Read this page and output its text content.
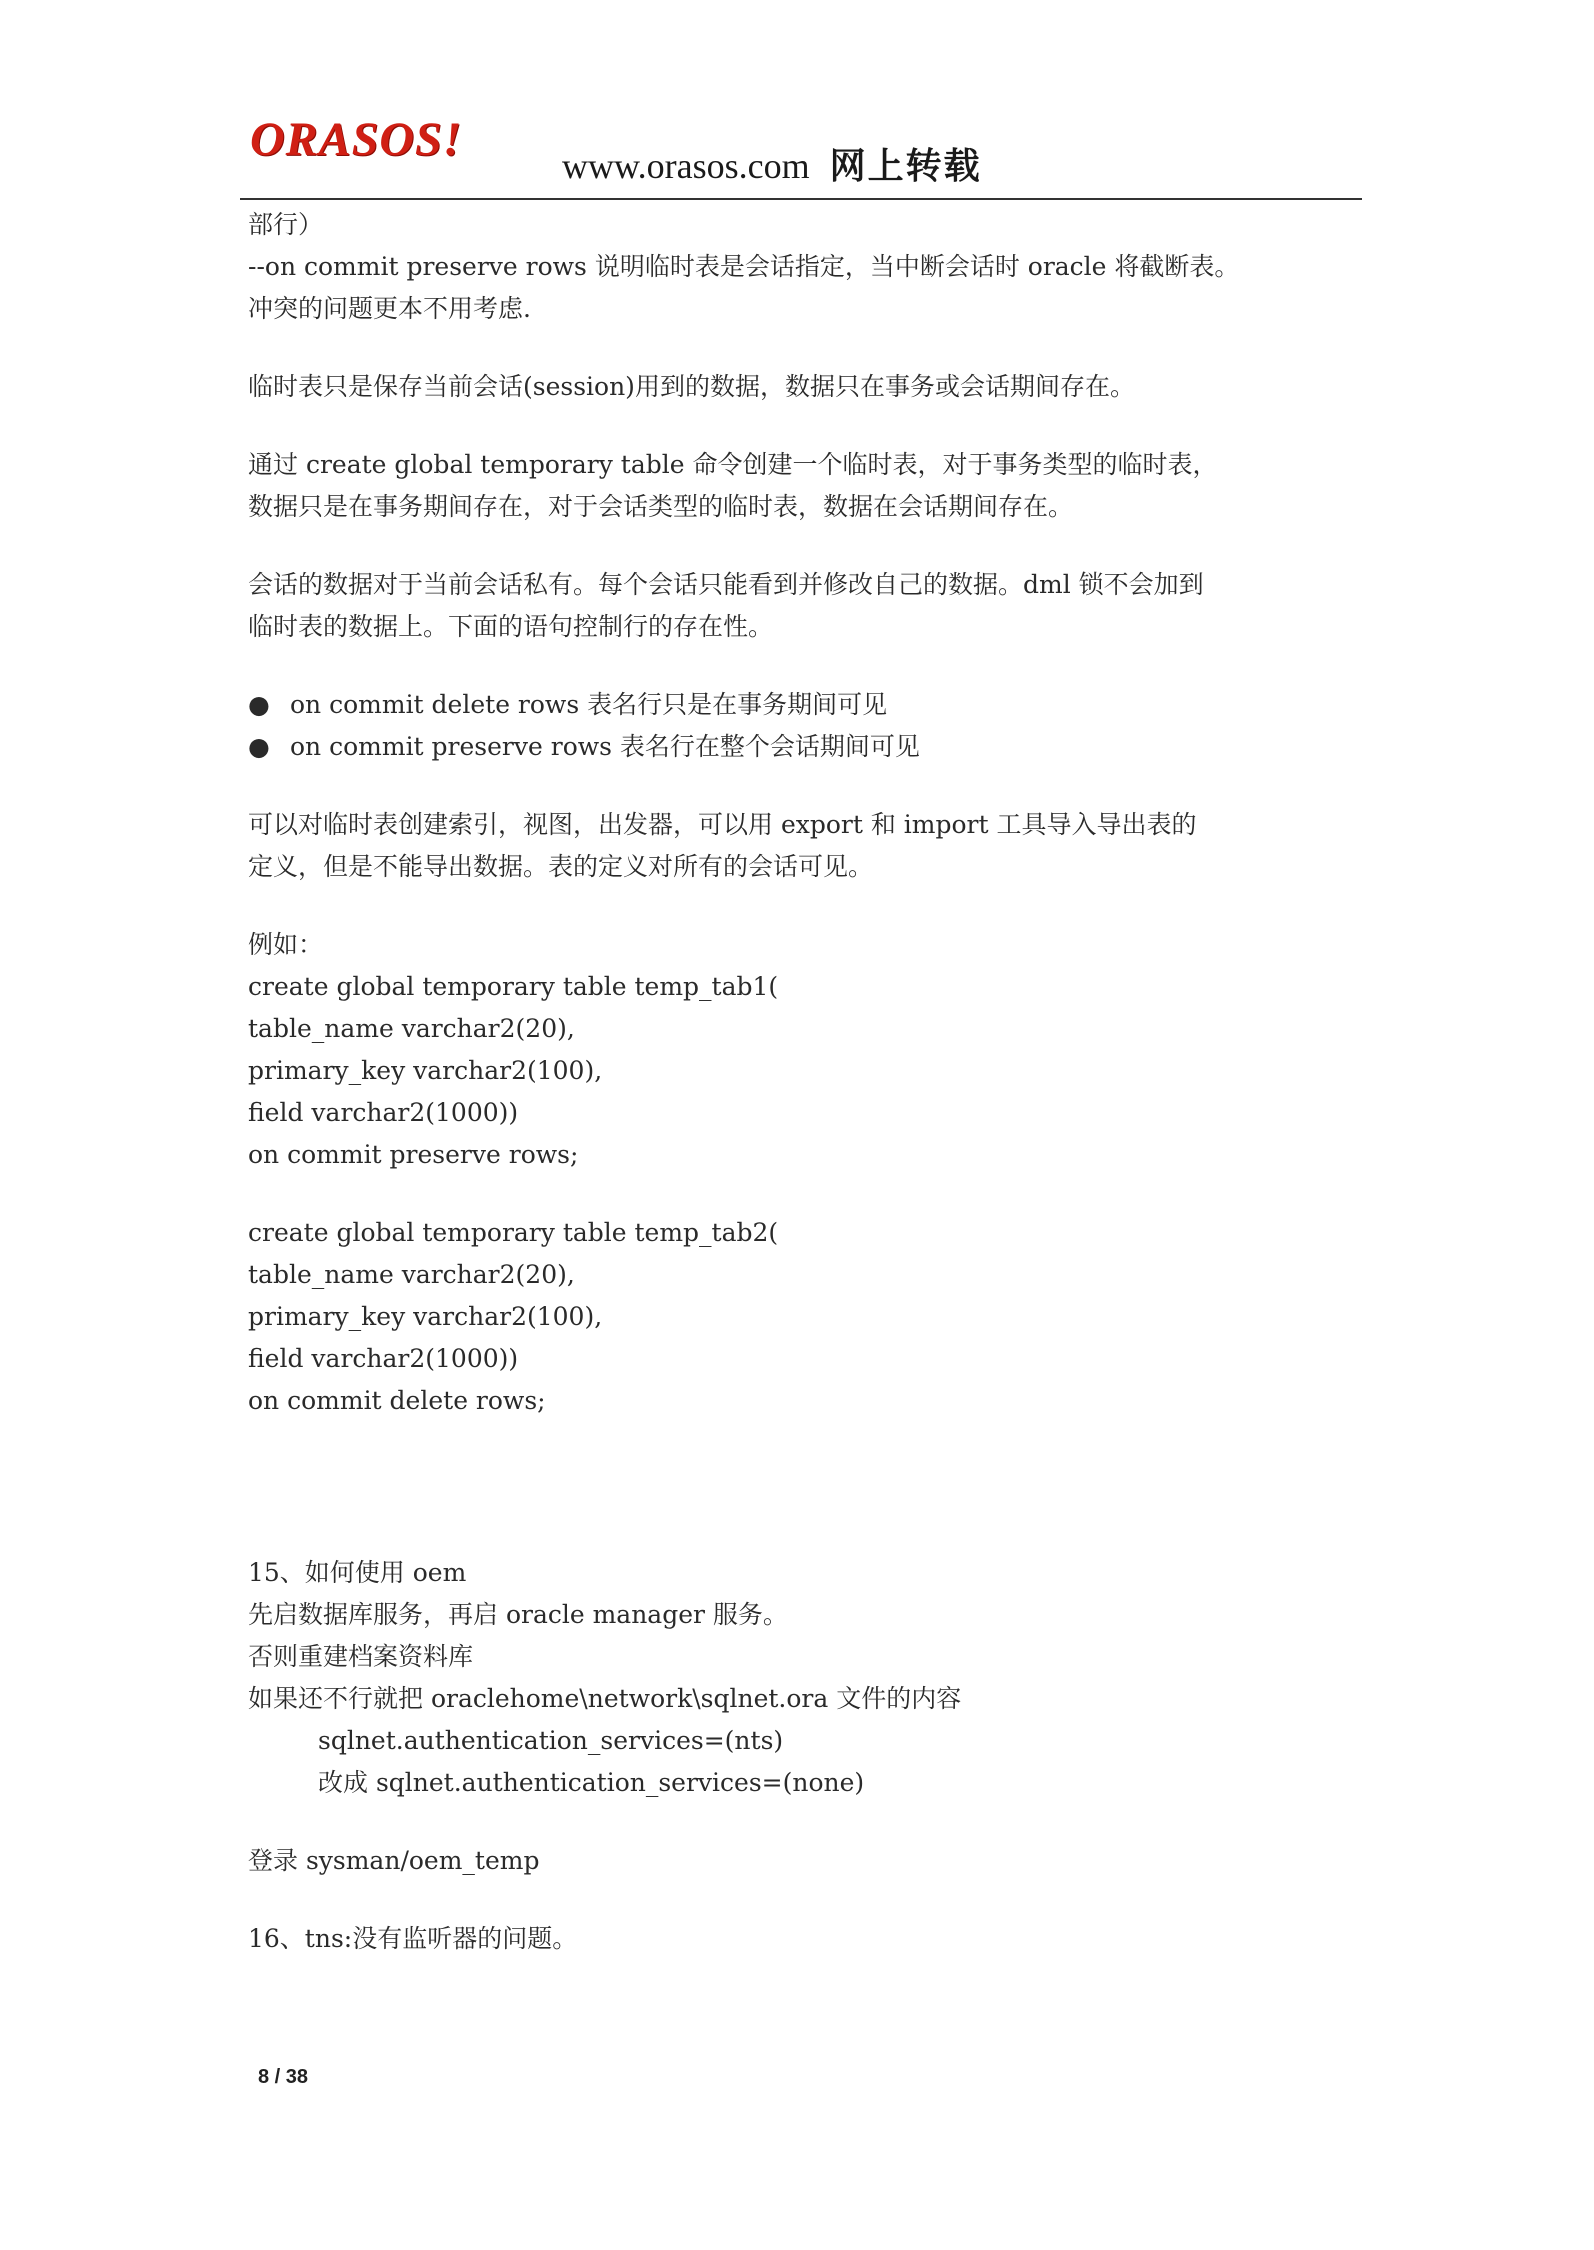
ORASOS!	www.orasos.com 网上转载
部行）
--on commit preserve rows 说明临时表是会话指定，当中断会话时 oracle 将截断表。
冲突的问题更本不用考虑.
临时表只是保存当前会话(session)用到的数据，数据只在事务或会话期间存在。
通过 create global temporary table 命令创建一个临时表，对于事务类型的临时表，
数据只是在事务期间存在，对于会话类型的临时表，数据在会话期间存在。
会话的数据对于当前会话私有。每个会话只能看到并修改自己的数据。dml 锁不会加到
临时表的数据上。下面的语句控制行的存在性。
● on commit delete rows 表名行只是在事务期间可见
● on commit preserve rows 表名行在整个会话期间可见
可以对临时表创建索引，视图，出发器，可以用 export 和 import 工具导入导出表的
定义，但是不能导出数据。表的定义对所有的会话可见。
例如：
create global temporary table temp_tab1(
table_name varchar2(20),
primary_key varchar2(100),
field varchar2(1000))
on commit preserve rows;
create global temporary table temp_tab2(
table_name varchar2(20),
primary_key varchar2(100),
field varchar2(1000))
on commit delete rows;
15、如何使用 oem
先启数据库服务，再启 oracle manager 服务。
否则重建档案资料库
如果还不行就把 oraclehome\network\sqlnet.ora 文件的内容
sqlnet.authentication_services=(nts)
改成 sqlnet.authentication_services=(none)
登录 sysman/oem_temp
16、tns:没有监听器的问题。
8 / 38
